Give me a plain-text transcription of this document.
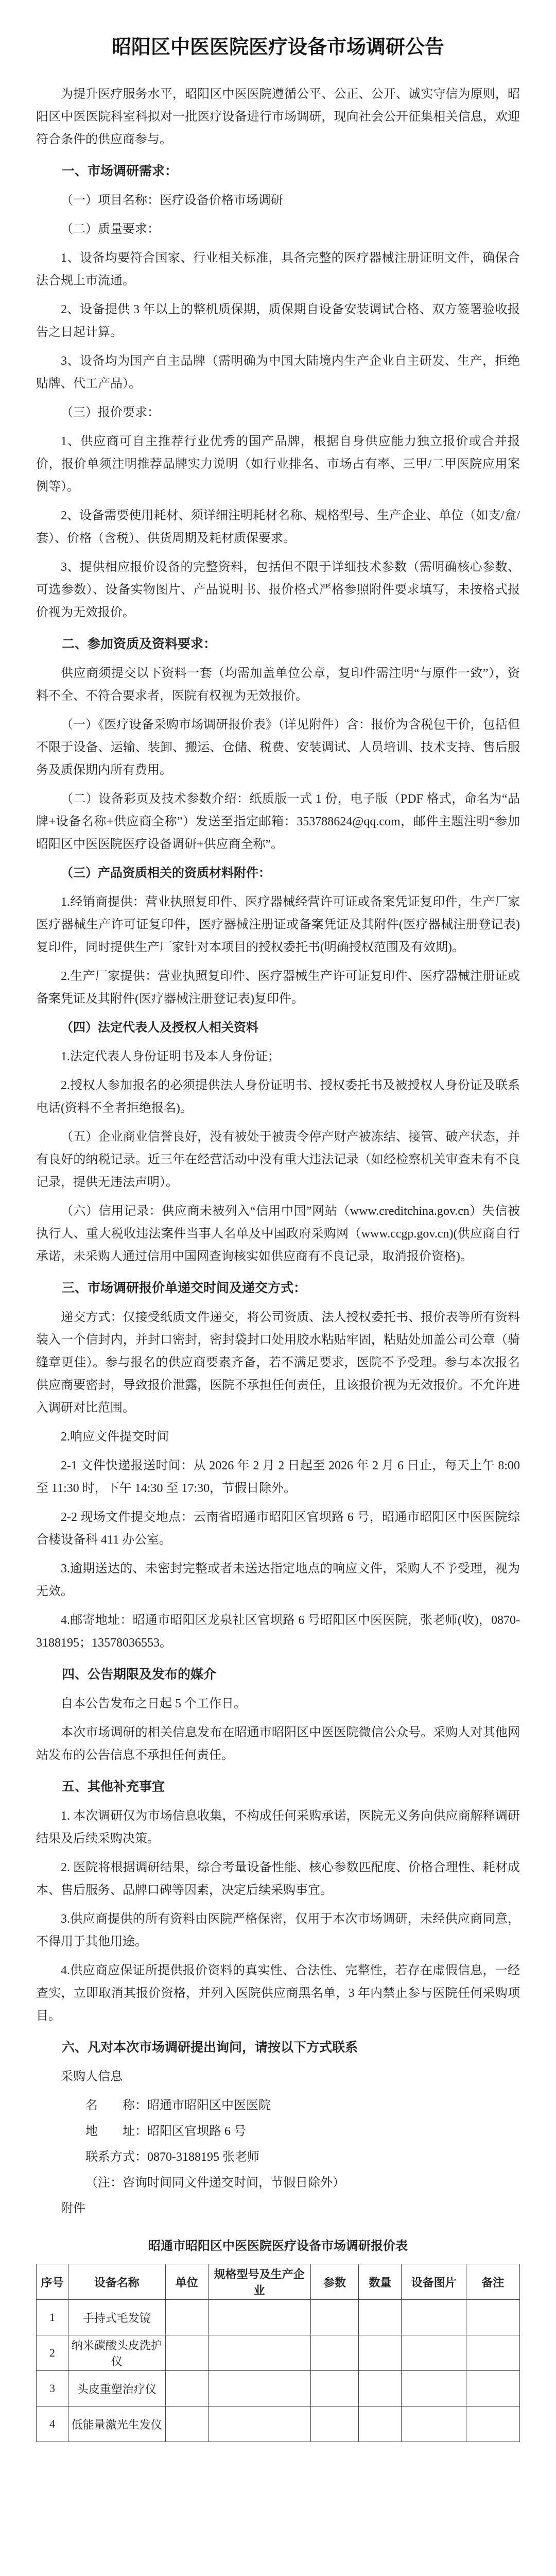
昭阳区中医医院医疗设备市场调研公告
为提升医疗服务水平，昭阳区中医医院遵循公平、公正、公开、诚实守信为原则，昭阳区中医医院科室科拟对一批医疗设备进行市场调研，现向社会公开征集相关信息，欢迎符合条件的供应商参与。
一、市场调研需求：
（一）项目名称：医疗设备价格市场调研
（二）质量要求：
1、设备均要符合国家、行业相关标准，具备完整的医疗器械注册证明文件，确保合法合规上市流通。
2、设备提供 3 年以上的整机质保期，质保期自设备安装调试合格、双方签署验收报告之日起计算。
3、设备均为国产自主品牌（需明确为中国大陆境内生产企业自主研发、生产，拒绝贴牌、代工产品）。
（三）报价要求：
1、供应商可自主推荐行业优秀的国产品牌，根据自身供应能力独立报价或合并报价，报价单须注明推荐品牌实力说明（如行业排名、市场占有率、三甲/二甲医院应用案例等）。
2、设备需要使用耗材、须详细注明耗材名称、规格型号、生产企业、单位（如支/盒/套）、价格（含税）、供货周期及耗材质保要求。
3、提供相应报价设备的完整资料，包括但不限于详细技术参数（需明确核心参数、可选参数）、设备实物图片、产品说明书、报价格式严格参照附件要求填写，未按格式报价视为无效报价。
二、参加资质及资料要求：
供应商须提交以下资料一套（均需加盖单位公章，复印件需注明“与原件一致”），资料不全、不符合要求者，医院有权视为无效报价。
（一）《医疗设备采购市场调研报价表》（详见附件）含：报价为含税包干价，包括但不限于设备、运输、装卸、搬运、仓储、税费、安装调试、人员培训、技术支持、售后服务及质保期内所有费用。
（二）设备彩页及技术参数介绍：纸质版一式 1 份，电子版（PDF 格式，命名为“品牌+设备名称+供应商全称”）发送至指定邮箱：353788624@qq.com，邮件主题注明“参加昭阳区中医医院医疗设备调研+供应商全称”。
（三）产品资质相关的资质材料附件：
1.经销商提供：营业执照复印件、医疗器械经营许可证或备案凭证复印件，生产厂家医疗器械生产许可证复印件，医疗器械注册证或备案凭证及其附件(医疗器械注册登记表)复印件，同时提供生产厂家针对本项目的授权委托书(明确授权范围及有效期)。
2.生产厂家提供：营业执照复印件、医疗器械生产许可证复印件、医疗器械注册证或备案凭证及其附件(医疗器械注册登记表)复印件。
（四）法定代表人及授权人相关资料
1.法定代表人身份证明书及本人身份证；
2.授权人参加报名的必须提供法人身份证明书、授权委托书及被授权人身份证及联系电话(资料不全者拒绝报名)。
（五）企业商业信誉良好，没有被处于被责令停产财产被冻结、接管、破产状态，并有良好的纳税记录。近三年在经营活动中没有重大违法记录（如经检察机关审查未有不良记录，提供无违法声明）。
（六）信用记录：供应商未被列入“信用中国”网站（www.creditchina.gov.cn）失信被执行人、重大税收违法案件当事人名单及中国政府采购网（www.ccgp.gov.cn)(供应商自行承诺，未采购人通过信用中国网查询核实如供应商有不良记录，取消报价资格)。
三、市场调研报价单递交时间及递交方式：
递交方式：仅接受纸质文件递交，将公司资质、法人授权委托书、报价表等所有资料装入一个信封内，并封口密封，密封袋封口处用胶水粘贴牢固，粘贴处加盖公司公章（骑缝章更佳）。参与报名的供应商要素齐备，若不满足要求，医院不予受理。参与本次报名供应商要密封，导致报价泄露，医院不承担任何责任，且该报价视为无效报价。不允许进入调研对比范围。
2.响应文件提交时间
2-1 文件快递报送时间：从 2026 年 2 月 2 日起至 2026 年 2 月 6 日止，每天上午 8:00 至 11:30 时，下午 14:30 至 17:30，节假日除外。
2-2 现场文件提交地点：云南省昭通市昭阳区官坝路 6 号，昭通市昭阳区中医医院综合楼设备科 411 办公室。
3.逾期送达的、未密封完整或者未送达指定地点的响应文件，采购人不予受理，视为无效。
4.邮寄地址：昭通市昭阳区龙泉社区官坝路 6 号昭阳区中医医院，张老师(收)，0870-3188195；13578036553。
四、公告期限及发布的媒介
自本公告发布之日起 5 个工作日。
本次市场调研的相关信息发布在昭通市昭阳区中医医院微信公众号。采购人对其他网站发布的公告信息不承担任何责任。
五、其他补充事宜
1. 本次调研仅为市场信息收集，不构成任何采购承诺，医院无义务向供应商解释调研结果及后续采购决策。
2. 医院将根据调研结果，综合考量设备性能、核心参数匹配度、价格合理性、耗材成本、售后服务、品牌口碑等因素，决定后续采购事宜。
3.供应商提供的所有资料由医院严格保密，仅用于本次市场调研，未经供应商同意，不得用于其他用途。
4.供应商应保证所提供报价资料的真实性、合法性、完整性，若存在虚假信息，一经查实，立即取消其报价资格，并列入医院供应商黑名单，3 年内禁止参与医院任何采购项目。
六、凡对本次市场调研提出询问，请按以下方式联系
采购人信息
名　　称：昭通市昭阳区中医医院
地　　址：昭阳区官坝路 6 号
联系方式：0870-3188195 张老师
（注：咨询时间同文件递交时间，节假日除外）
附件
昭通市昭阳区中医医院医疗设备市场调研报价表
序号	设备名称	单位	规格型号及生产企业	参数	数量	设备图片	备注
1	手持式毛发镜						
2	纳米碳酸头皮洗护仪						
3	头皮重塑治疗仪						
4	低能量激光生发仪						
